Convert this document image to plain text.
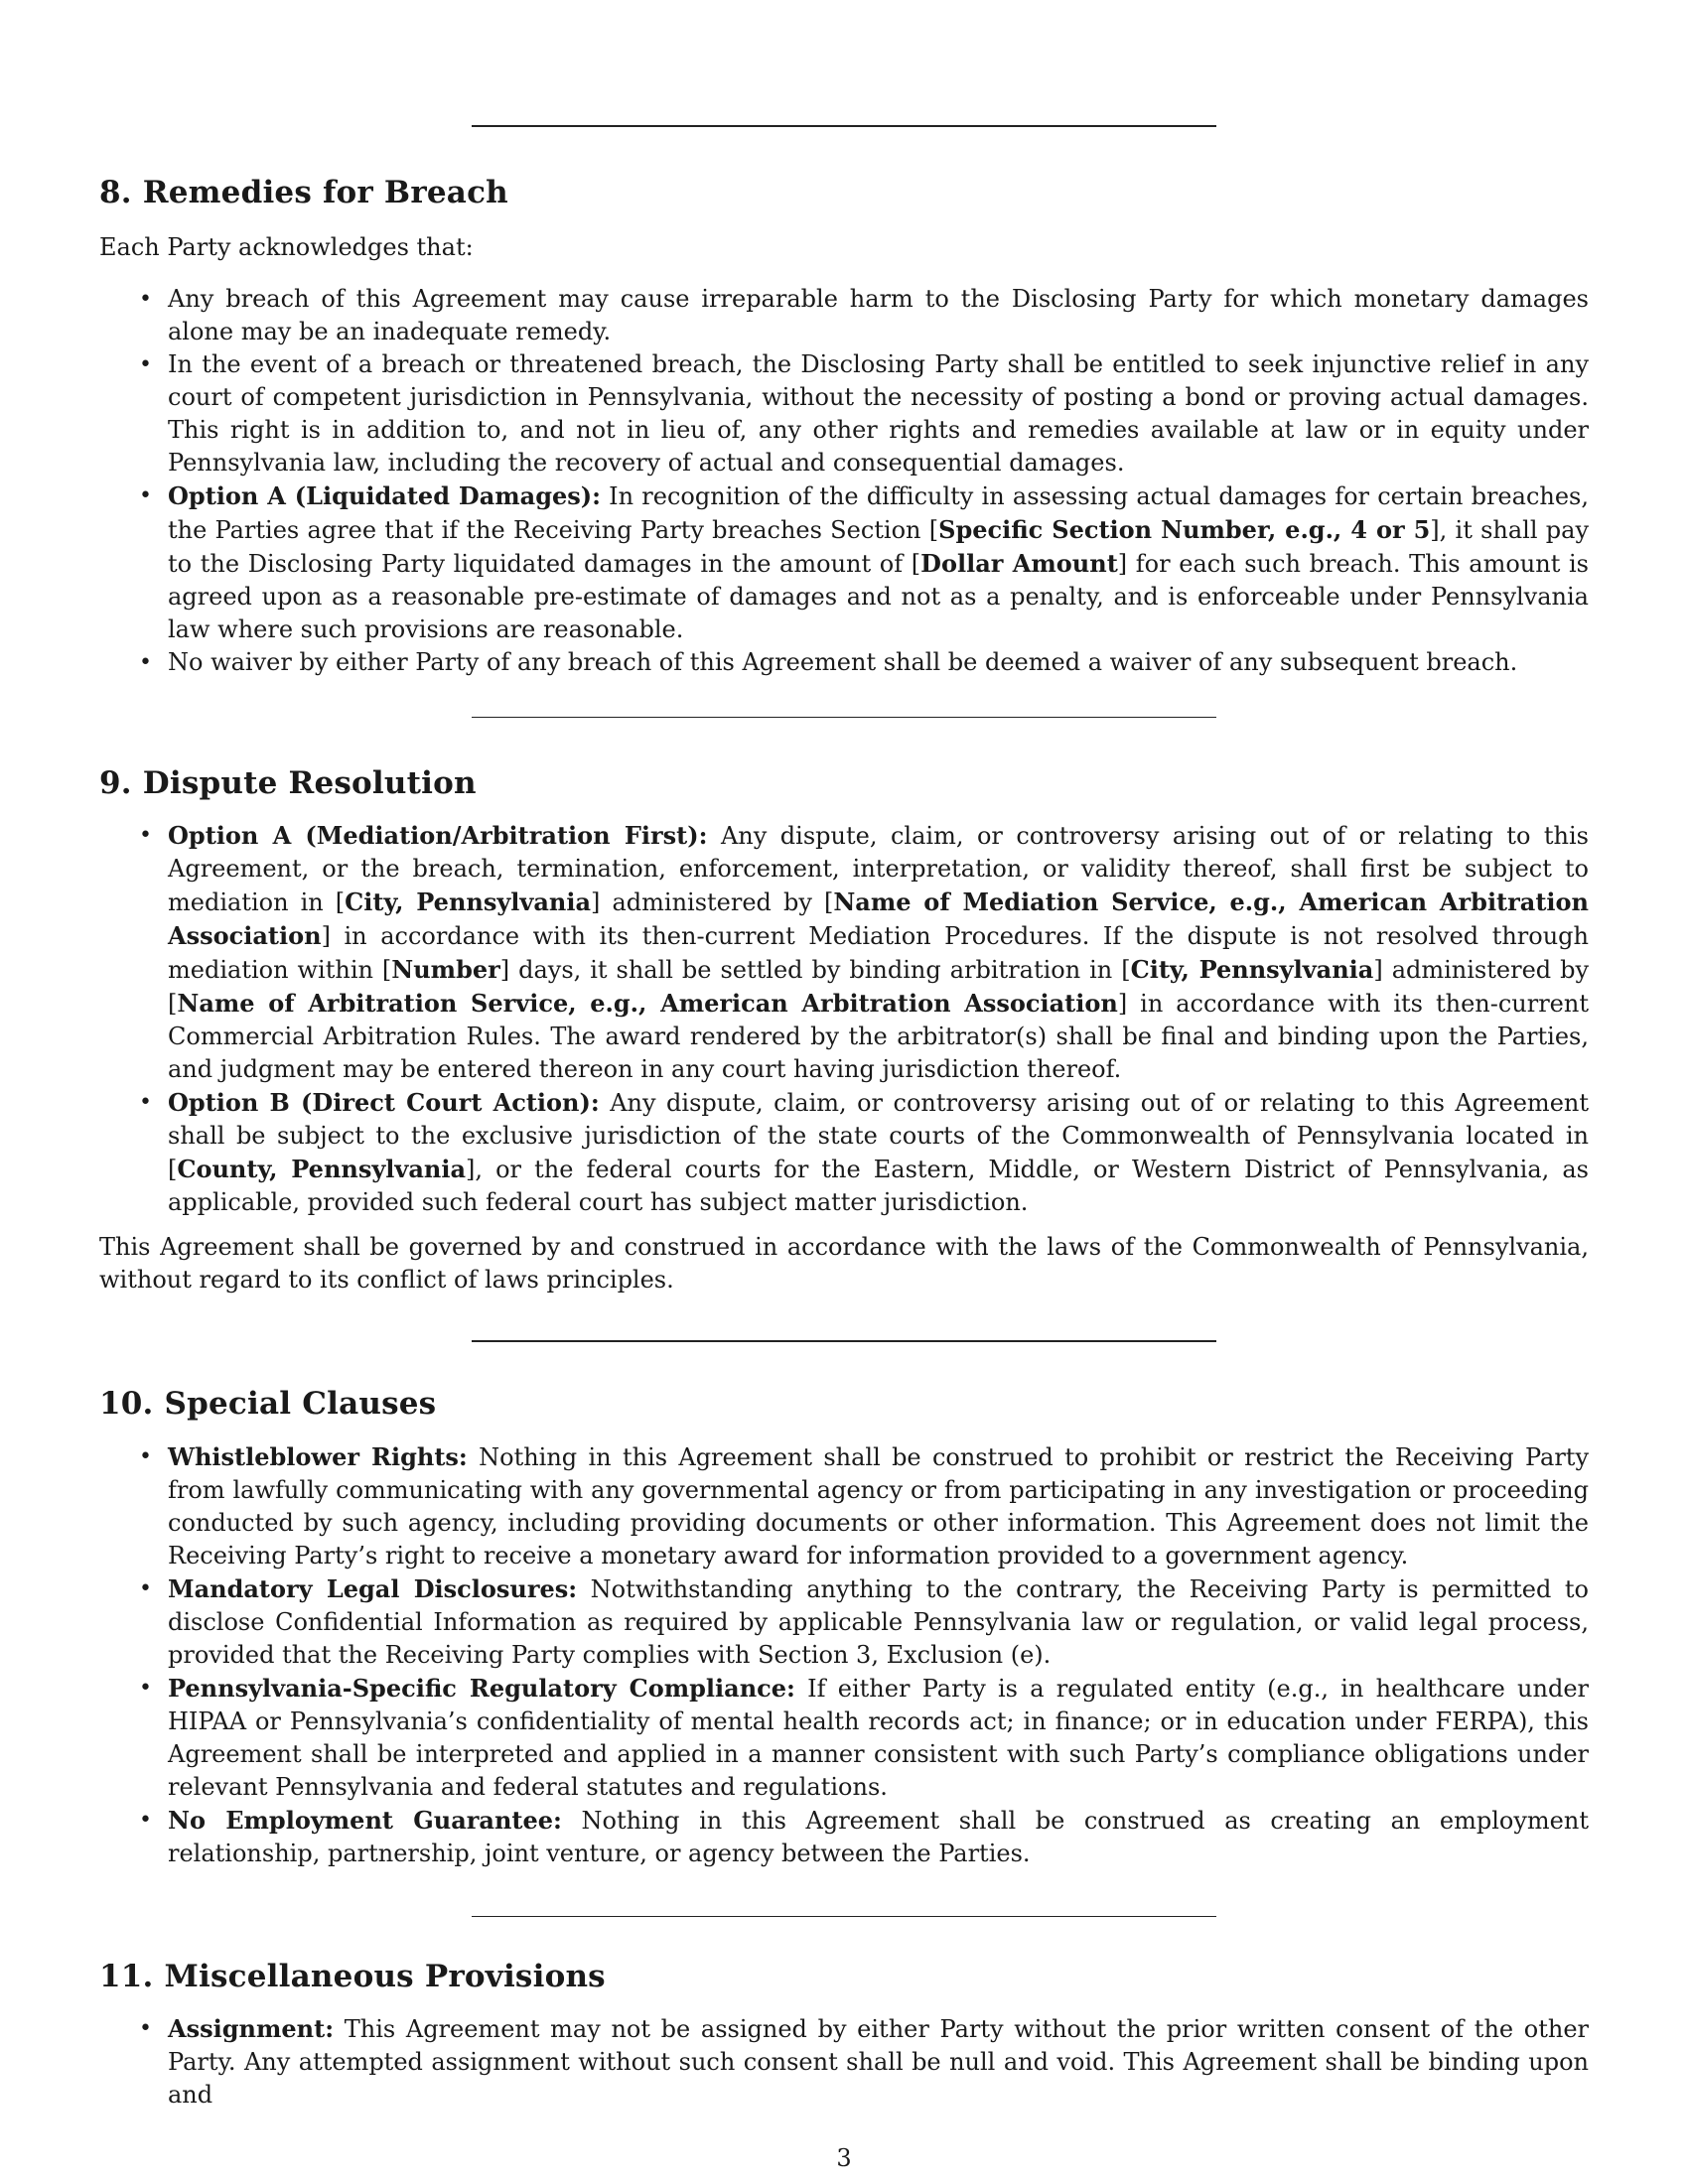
8. Remedies for Breach

Each Party acknowledges that:

• Any breach of this Agreement may cause irreparable harm to the Disclosing Party for which monetary damages alone may be an inadequate remedy.
• In the event of a breach or threatened breach, the Disclosing Party shall be entitled to seek injunctive relief in any court of competent jurisdiction in Pennsylvania, without the necessity of posting a bond or proving actual damages. This right is in addition to, and not in lieu of, any other rights and remedies available at law or in equity under Pennsylvania law, including the recovery of actual and consequential damages.
• Option A (Liquidated Damages): In recognition of the difficulty in assessing actual damages for certain breaches, the Parties agree that if the Receiving Party breaches Section [Specific Section Number, e.g., 4 or 5], it shall pay to the Disclosing Party liquidated damages in the amount of [Dollar Amount] for each such breach. This amount is agreed upon as a reasonable pre-estimate of damages and not as a penalty, and is enforceable under Pennsylvania law where such provisions are reasonable.
• No waiver by either Party of any breach of this Agreement shall be deemed a waiver of any subsequent breach.
9. Dispute Resolution
• Option A (Mediation/Arbitration First): Any dispute, claim, or controversy arising out of or relating to this Agreement, or the breach, termination, enforcement, interpretation, or validity thereof, shall first be subject to mediation in [City, Pennsylvania] administered by [Name of Mediation Service, e.g., American Arbitration Association] in accordance with its then-current Mediation Procedures. If the dispute is not resolved through mediation within [Number] days, it shall be settled by binding arbitration in [City, Pennsylvania] administered by [Name of Arbitration Service, e.g., American Arbitration Association] in accordance with its then-current Commercial Arbitration Rules. The award rendered by the arbitrator(s) shall be final and binding upon the Parties, and judgment may be entered thereon in any court having jurisdiction thereof.
• Option B (Direct Court Action): Any dispute, claim, or controversy arising out of or relating to this Agreement shall be subject to the exclusive jurisdiction of the state courts of the Commonwealth of Pennsylvania located in [County, Pennsylvania], or the federal courts for the Eastern, Middle, or Western District of Pennsylvania, as applicable, provided such federal court has subject matter jurisdiction.

This Agreement shall be governed by and construed in accordance with the laws of the Commonwealth of Pennsylvania, without regard to its conflict of laws principles.

10. Special Clauses
• Whistleblower Rights: Nothing in this Agreement shall be construed to prohibit or restrict the Receiving Party from lawfully communicating with any governmental agency or from participating in any investigation or proceeding conducted by such agency, including providing documents or other information. This Agreement does not limit the Receiving Party’s right to receive a monetary award for information provided to a government agency.
• Mandatory Legal Disclosures: Notwithstanding anything to the contrary, the Receiving Party is permitted to disclose Confidential Information as required by applicable Pennsylvania law or regulation, or valid legal process, provided that the Receiving Party complies with Section 3, Exclusion (e).
• Pennsylvania-Specific Regulatory Compliance: If either Party is a regulated entity (e.g., in healthcare under HIPAA or Pennsylvania’s confidentiality of mental health records act; in finance; or in education under FERPA), this Agreement shall be interpreted and applied in a manner consistent with such Party’s compliance obligations under relevant Pennsylvania and federal statutes and regulations.
• No Employment Guarantee: Nothing in this Agreement shall be construed as creating an employment relationship, partnership, joint venture, or agency between the Parties.
11. Miscellaneous Provisions
• Assignment: This Agreement may not be assigned by either Party without the prior written consent of the other Party. Any attempted assignment without such consent shall be null and void. This Agreement shall be binding upon and
3
